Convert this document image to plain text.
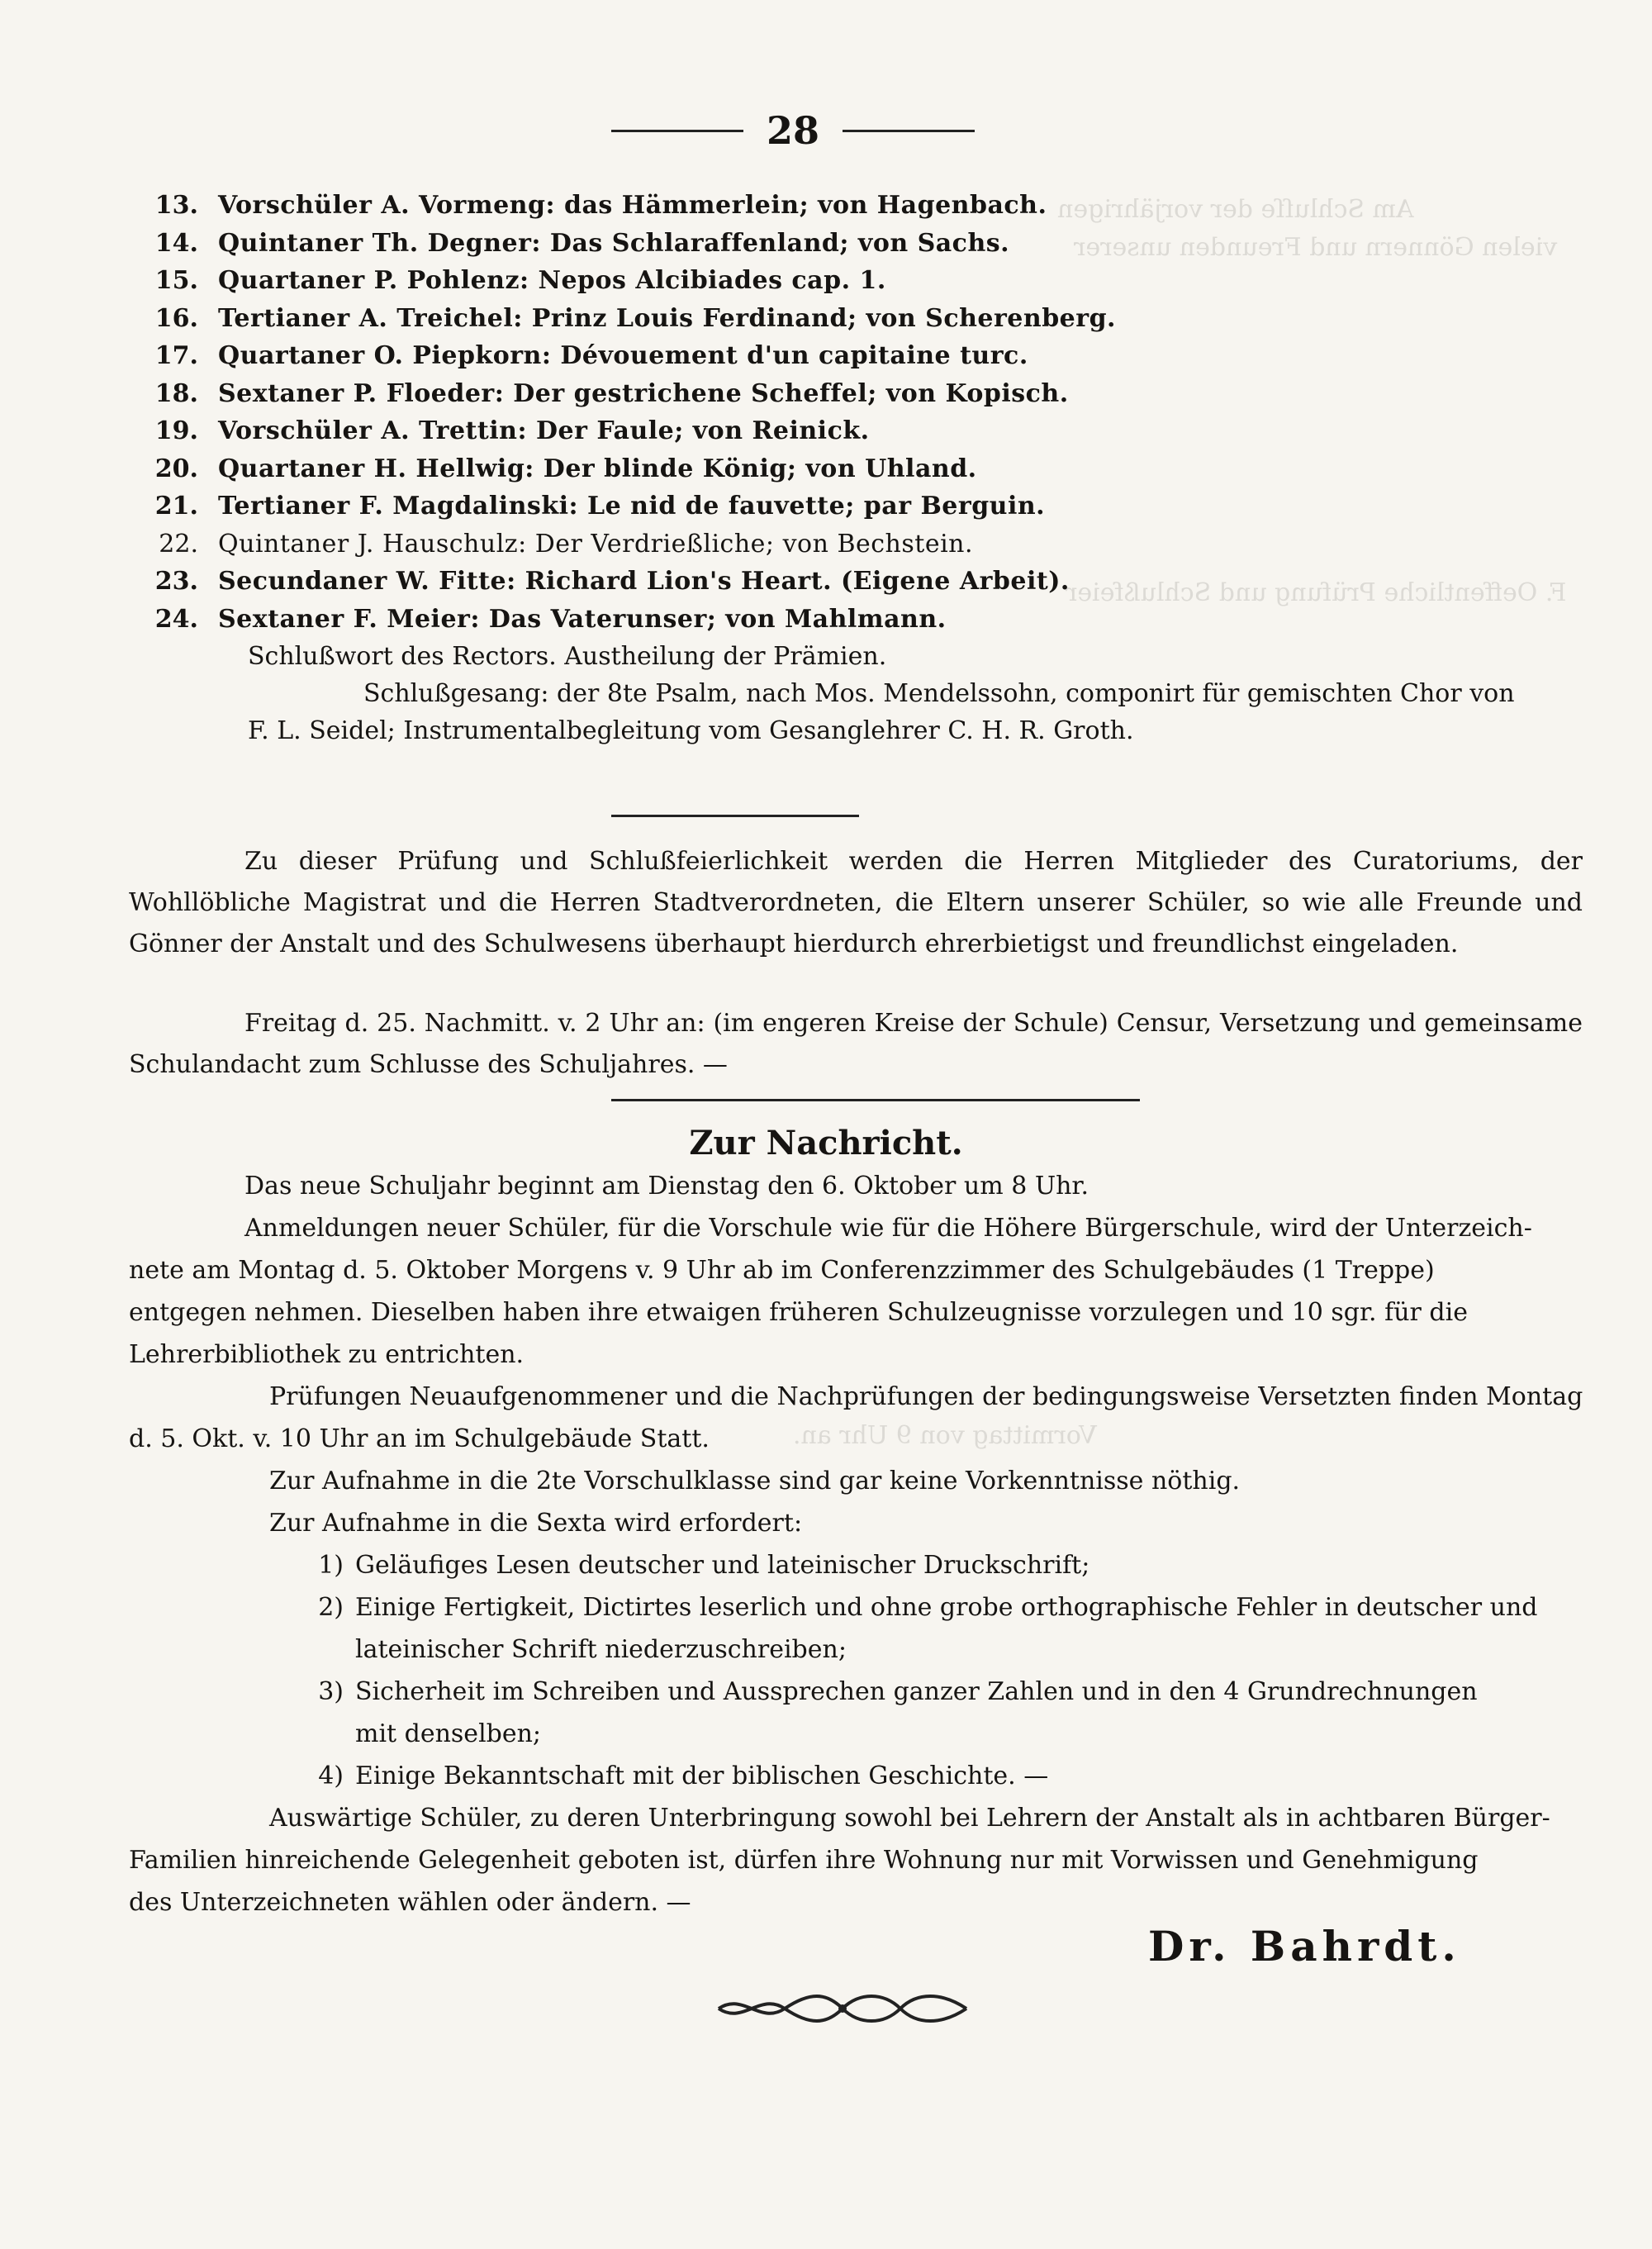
Am Schluſſe der vorjährigen
vielen Gönnern und Freunden unserer
F. Oeffentliche Prüfung und Schlußfeier
Vormittag von 9 Uhr an.
28
13. Vorschüler A. Vormeng: das Hämmerlein; von Hagenbach.
14. Quintaner Th. Degner: Das Schlaraffenland; von Sachs.
15. Quartaner P. Pohlenz: Nepos Alcibiades cap. 1.
16. Tertianer A. Treichel: Prinz Louis Ferdinand; von Scherenberg.
17. Quartaner O. Piepkorn: Dévouement d'un capitaine turc.
18. Sextaner P. Floeder: Der gestrichene Scheffel; von Kopisch.
19. Vorschüler A. Trettin: Der Faule; von Reinick.
20. Quartaner H. Hellwig: Der blinde König; von Uhland.
21. Tertianer F. Magdalinski: Le nid de fauvette; par Berguin.
22. Quintaner J. Hauschulz: Der Verdrießliche; von Bechstein.
23. Secundaner W. Fitte: Richard Lion's Heart. (Eigene Arbeit).
24. Sextaner F. Meier: Das Vaterunser; von Mahlmann.
Schlußwort des Rectors. Austheilung der Prämien.
Schlußgesang: der 8te Psalm, nach Mos. Mendelssohn, componirt für gemischten Chor von
F. L. Seidel; Instrumentalbegleitung vom Gesanglehrer C. H. R. Groth.
Zu dieser Prüfung und Schlußfeierlichkeit werden die Herren Mitglieder des Curatoriums, der Wohllöbliche Magistrat und die Herren Stadtverordneten, die Eltern unserer Schüler, so wie alle Freunde und Gönner der Anstalt und des Schulwesens überhaupt hierdurch ehrerbietigst und freundlichst eingeladen.
Freitag d. 25. Nachmitt. v. 2 Uhr an: (im engeren Kreise der Schule) Censur, Versetzung und gemeinsame Schulandacht zum Schlusse des Schuljahres. —
Zur Nachricht.
Das neue Schuljahr beginnt am Dienstag den 6. Oktober um 8 Uhr.
Anmeldungen neuer Schüler, für die Vorschule wie für die Höhere Bürgerschule, wird der Unterzeich-
nete am Montag d. 5. Oktober Morgens v. 9 Uhr ab im Conferenzzimmer des Schulgebäudes (1 Treppe)
entgegen nehmen. Dieselben haben ihre etwaigen früheren Schulzeugnisse vorzulegen und 10 sgr. für die
Lehrerbibliothek zu entrichten.
Prüfungen Neuaufgenommener und die Nachprüfungen der bedingungsweise Versetzten finden Montag
d. 5. Okt. v. 10 Uhr an im Schulgebäude Statt.
Zur Aufnahme in die 2te Vorschulklasse sind gar keine Vorkenntnisse nöthig.
Zur Aufnahme in die Sexta wird erfordert:
1) Geläufiges Lesen deutscher und lateinischer Druckschrift;
2) Einige Fertigkeit, Dictirtes leserlich und ohne grobe orthographische Fehler in deutscher und
lateinischer Schrift niederzuschreiben;
3) Sicherheit im Schreiben und Aussprechen ganzer Zahlen und in den 4 Grundrechnungen
mit denselben;
4) Einige Bekanntschaft mit der biblischen Geschichte. —
Auswärtige Schüler, zu deren Unterbringung sowohl bei Lehrern der Anstalt als in achtbaren Bürger-
Familien hinreichende Gelegenheit geboten ist, dürfen ihre Wohnung nur mit Vorwissen und Genehmigung
des Unterzeichneten wählen oder ändern. —
Dr. Bahrdt.
